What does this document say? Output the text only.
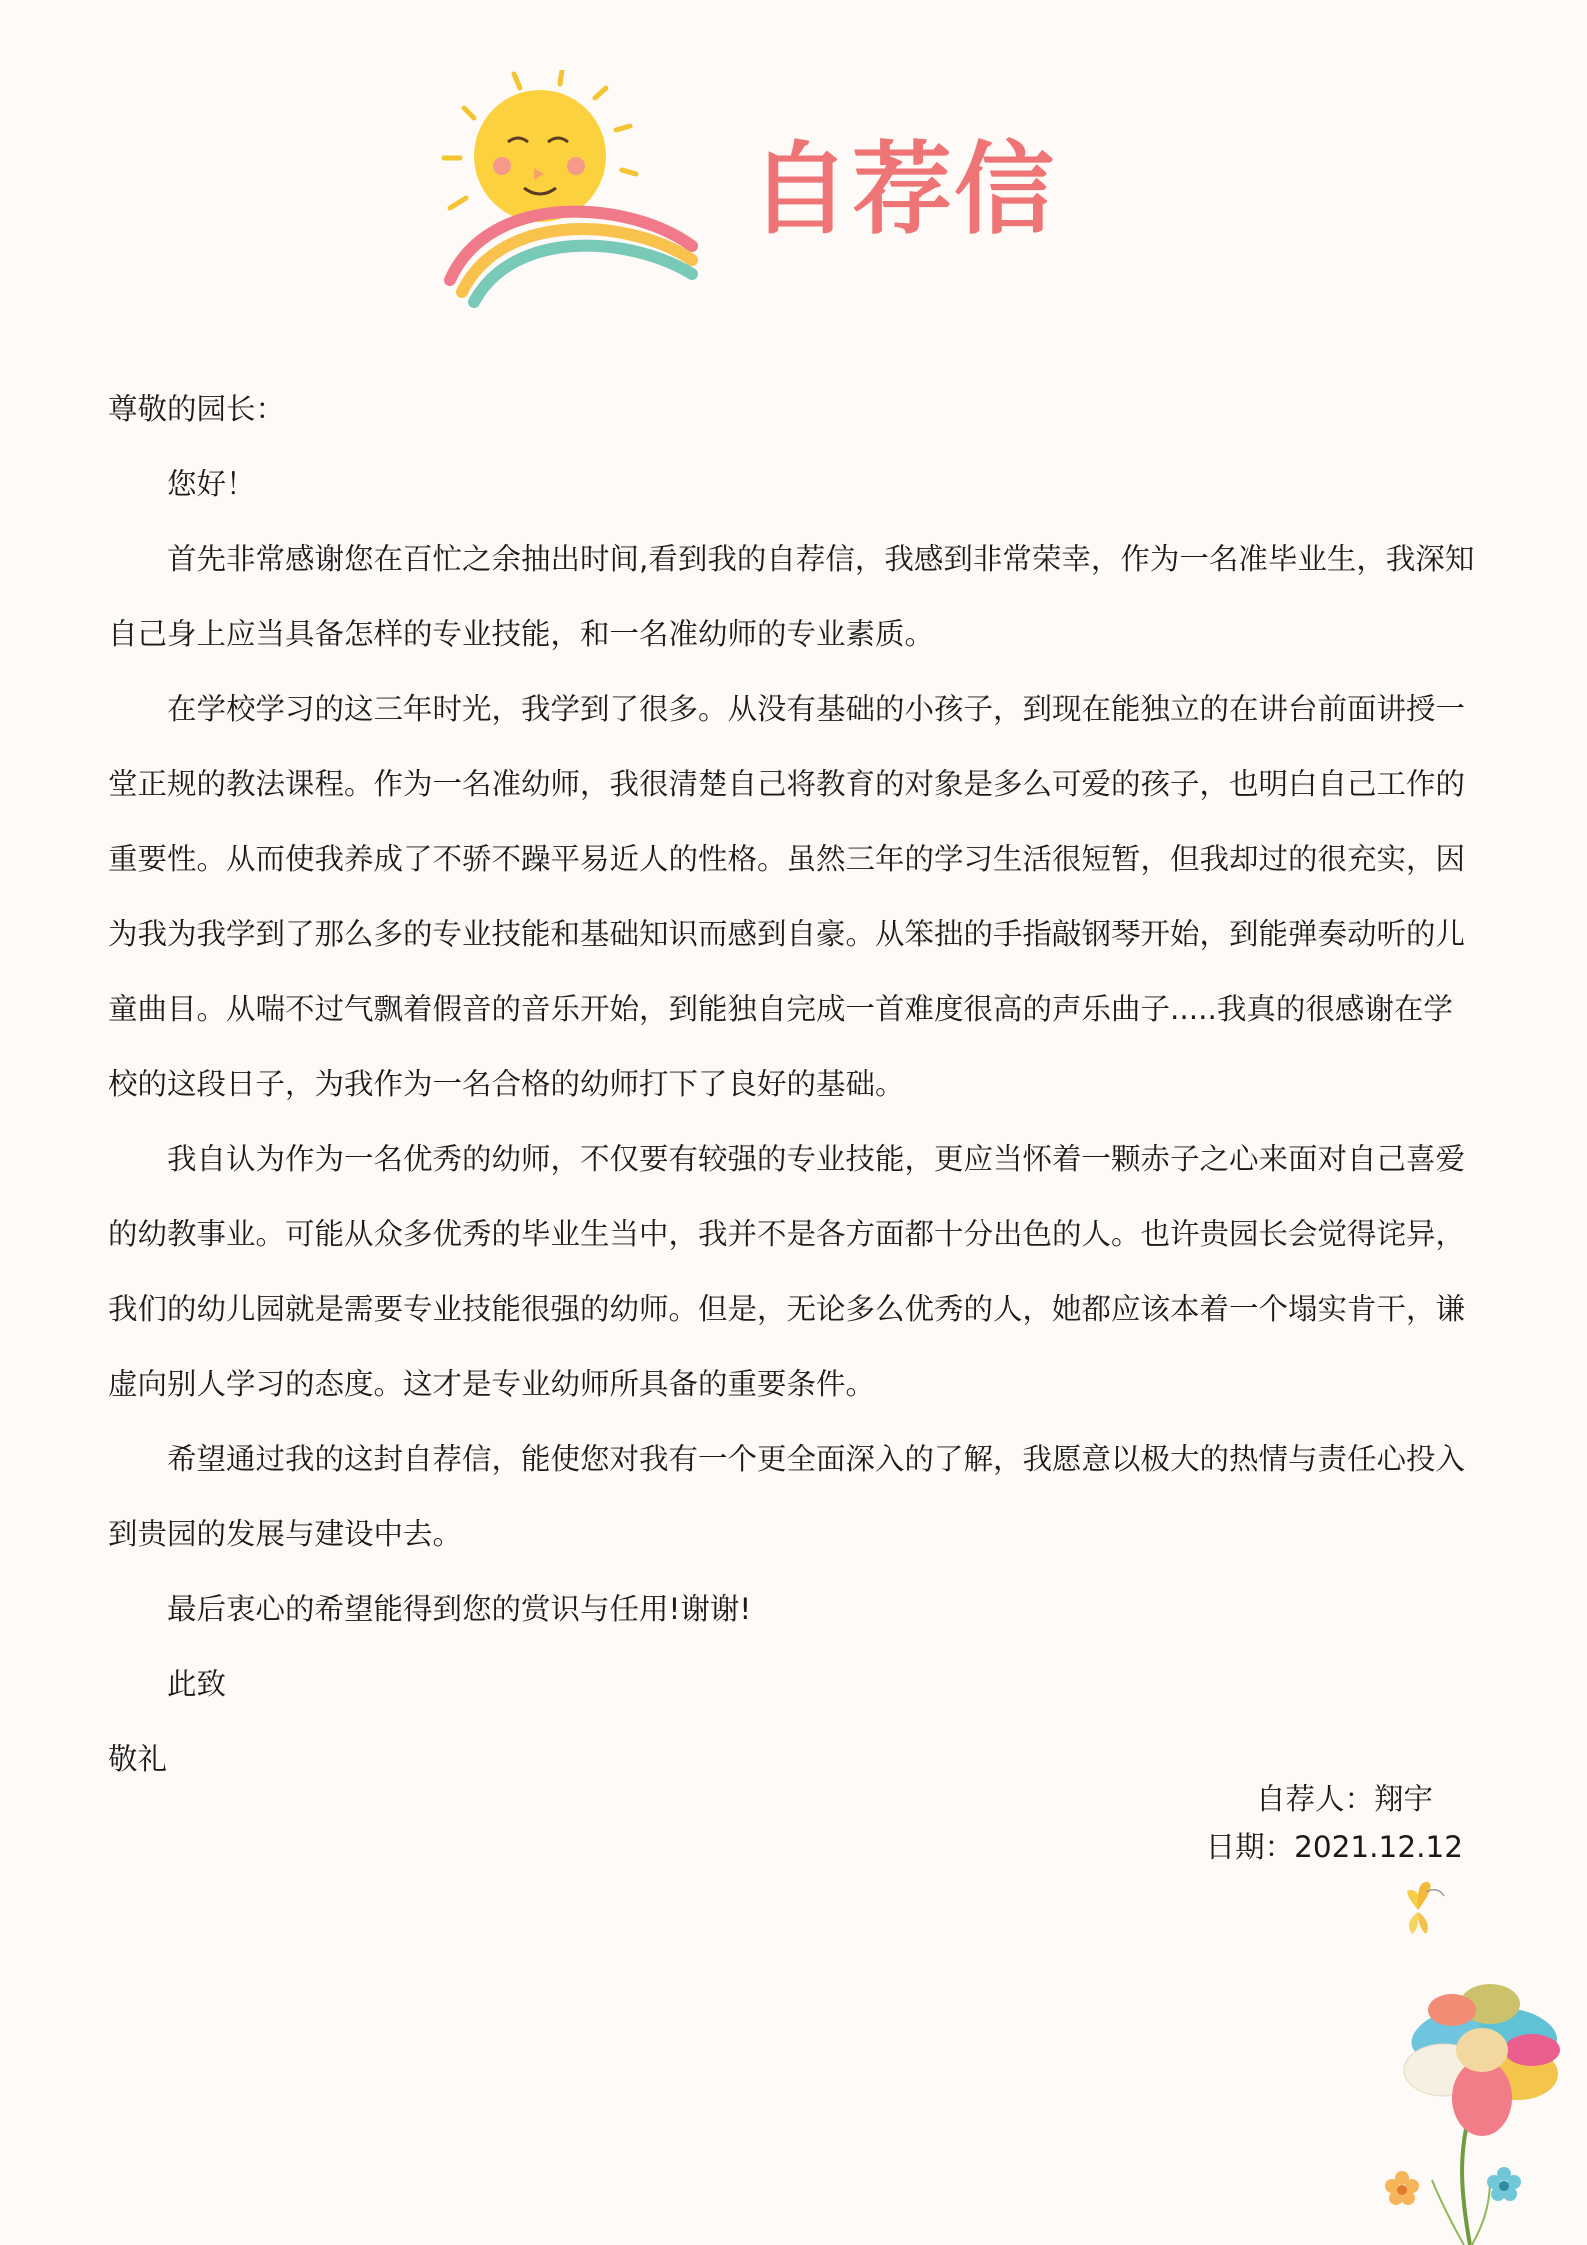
自荐信

尊敬的园长：

您好！

首先非常感谢您在百忙之余抽出时间,看到我的自荐信，我感到非常荣幸，作为一名准毕业生，我深知自己身上应当具备怎样的专业技能，和一名准幼师的专业素质。

在学校学习的这三年时光，我学到了很多。从没有基础的小孩子，到现在能独立的在讲台前面讲授一堂正规的教法课程。作为一名准幼师，我很清楚自己将教育的对象是多么可爱的孩子，也明白自己工作的重要性。从而使我养成了不骄不躁平易近人的性格。虽然三年的学习生活很短暂，但我却过的很充实，因为我为我学到了那么多的专业技能和基础知识而感到自豪。从笨拙的手指敲钢琴开始，到能弹奏动听的儿童曲目。从喘不过气飘着假音的音乐开始，到能独自完成一首难度很高的声乐曲子.....我真的很感谢在学校的这段日子，为我作为一名合格的幼师打下了良好的基础。

我自认为作为一名优秀的幼师，不仅要有较强的专业技能，更应当怀着一颗赤子之心来面对自己喜爱的幼教事业。可能从众多优秀的毕业生当中，我并不是各方面都十分出色的人。也许贵园长会觉得诧异，我们的幼儿园就是需要专业技能很强的幼师。但是，无论多么优秀的人，她都应该本着一个塌实肯干，谦虚向别人学习的态度。这才是专业幼师所具备的重要条件。

希望通过我的这封自荐信，能使您对我有一个更全面深入的了解，我愿意以极大的热情与责任心投入到贵园的发展与建设中去。

最后衷心的希望能得到您的赏识与任用!谢谢!

此致

敬礼

自荐人：翔宇
日期：2021.12.12
